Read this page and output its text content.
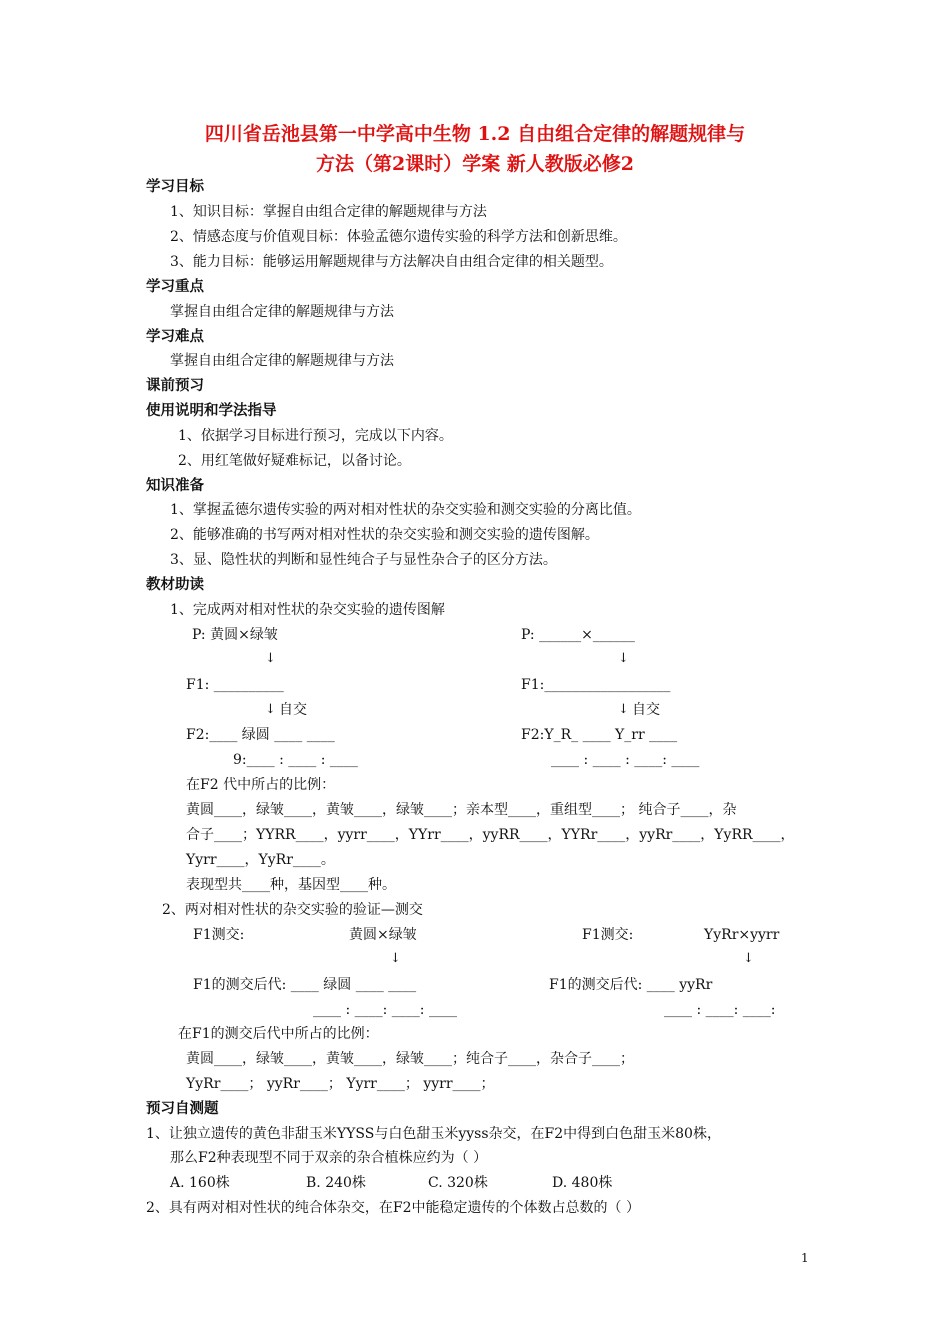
四川省岳池县第一中学高中生物 1.2 自由组合定律的解题规律与
方法（第2课时）学案 新人教版必修2
学习目标
1、知识目标：掌握自由组合定律的解题规律与方法
2、情感态度与价值观目标：体验孟德尔遗传实验的科学方法和创新思维。
3、能力目标：能够运用解题规律与方法解决自由组合定律的相关题型。
学习重点
掌握自由组合定律的解题规律与方法
学习难点
掌握自由组合定律的解题规律与方法
课前预习
使用说明和学法指导
1、依据学习目标进行预习，完成以下内容。
2、用红笔做好疑难标记，以备讨论。
知识准备
1、掌握孟德尔遗传实验的两对相对性状的杂交实验和测交实验的分离比值。
2、能够准确的书写两对相对性状的杂交实验和测交实验的遗传图解。
3、显、隐性状的判断和显性纯合子与显性杂合子的区分方法。
教材助读
1、完成两对相对性状的杂交实验的遗传图解
P: 黄圆×绿皱
↓
F1: __________
↓ 自交
F2:____ 绿圆 ____ ____
9:____ : ____ : ____
P: ______×______
↓
F1:__________________
↓ 自交
F2:Y_R_ ____ Y_rr ____
____ : ____ : ____: ____
在F2 代中所占的比例：
黄圆____，绿皱____，黄皱____，绿皱____；亲本型____，重组型____； 纯合子____，杂
合子____；YYRR____，yyrr____，YYrr____，yyRR____，YYRr____，yyRr____，YyRR____，
Yyrr____，YyRr____。
表现型共____种，基因型____种。
2、两对相对性状的杂交实验的验证—测交
F1测交:	黄圆×绿皱
↓
F1的测交后代: ____ 绿圆 ____ ____
____ : ____: ____: ____
F1测交:	YyRr×yyrr
↓
F1的测交后代: ____ yyRr
____ : ____: ____:
在F1的测交后代中所占的比例：
黄圆____，绿皱____，黄皱____，绿皱____；纯合子____，杂合子____；
YyRr____； yyRr____； Yyrr____； yyrr____；
预习自测题
1、让独立遗传的黄色非甜玉米YYSS与白色甜玉米yyss杂交，在F2中得到白色甜玉米80株，
那么F2种表现型不同于双亲的杂合植株应约为（ ）
A. 160株	B. 240株	C. 320株	D. 480株
2、具有两对相对性状的纯合体杂交，在F2中能稳定遗传的个体数占总数的（ ）
1
